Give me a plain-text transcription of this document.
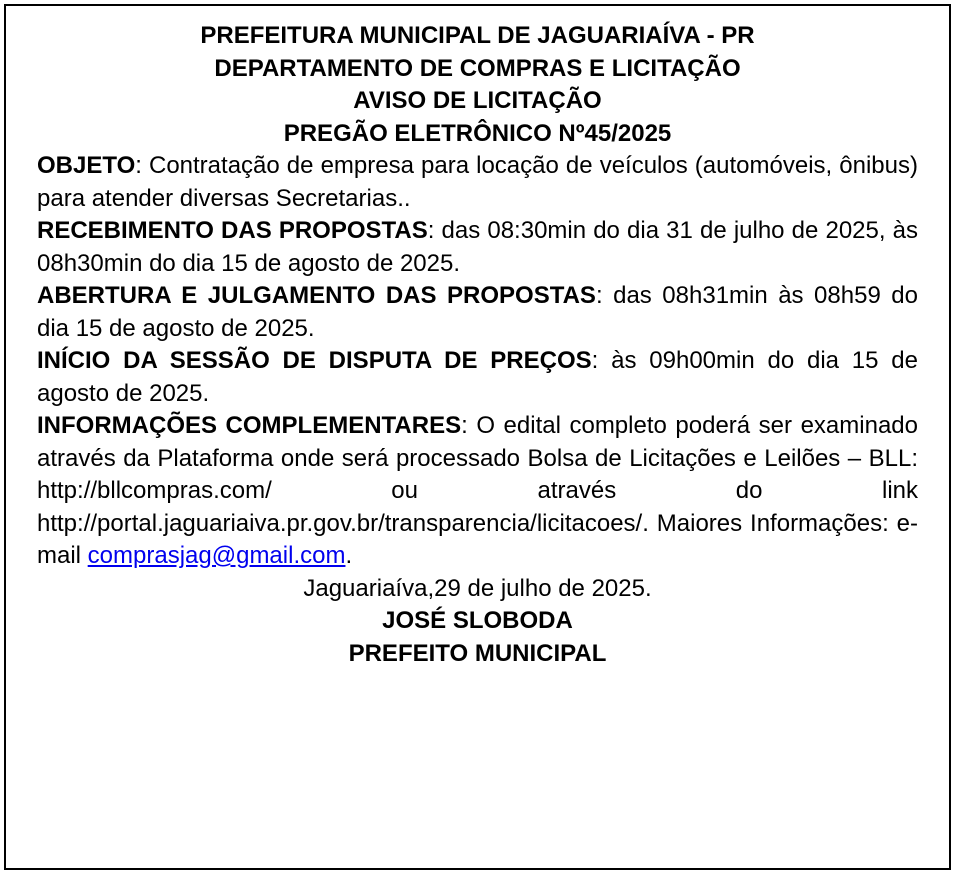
PREFEITURA MUNICIPAL DE JAGUARIAÍVA - PR

DEPARTAMENTO DE COMPRAS E LICITAÇÃO

AVISO DE LICITAÇÃO

PREGÃO ELETRÔNICO Nº45/2025

OBJETO: Contratação de empresa para locação de veículos (automóveis, ônibus) para atender diversas Secretarias..

RECEBIMENTO DAS PROPOSTAS: das 08:30min do dia 31 de julho de 2025, às 08h30min do dia 15 de agosto de 2025.

ABERTURA E JULGAMENTO DAS PROPOSTAS: das 08h31min às 08h59 do dia 15 de agosto de 2025.

INÍCIO DA SESSÃO DE DISPUTA DE PREÇOS: às 09h00min do dia 15 de agosto de 2025.

INFORMAÇÕES COMPLEMENTARES: O edital completo poderá ser examinado através da Plataforma onde será processado Bolsa de Licitações e Leilões – BLL: http://bllcompras.com/ ou através do link http://portal.jaguariaiva.pr.gov.br/transparencia/licitacoes/. Maiores Informações: e-mail comprasjag@gmail.com.

Jaguariaíva,29 de julho de 2025.

JOSÉ SLOBODA

PREFEITO MUNICIPAL
